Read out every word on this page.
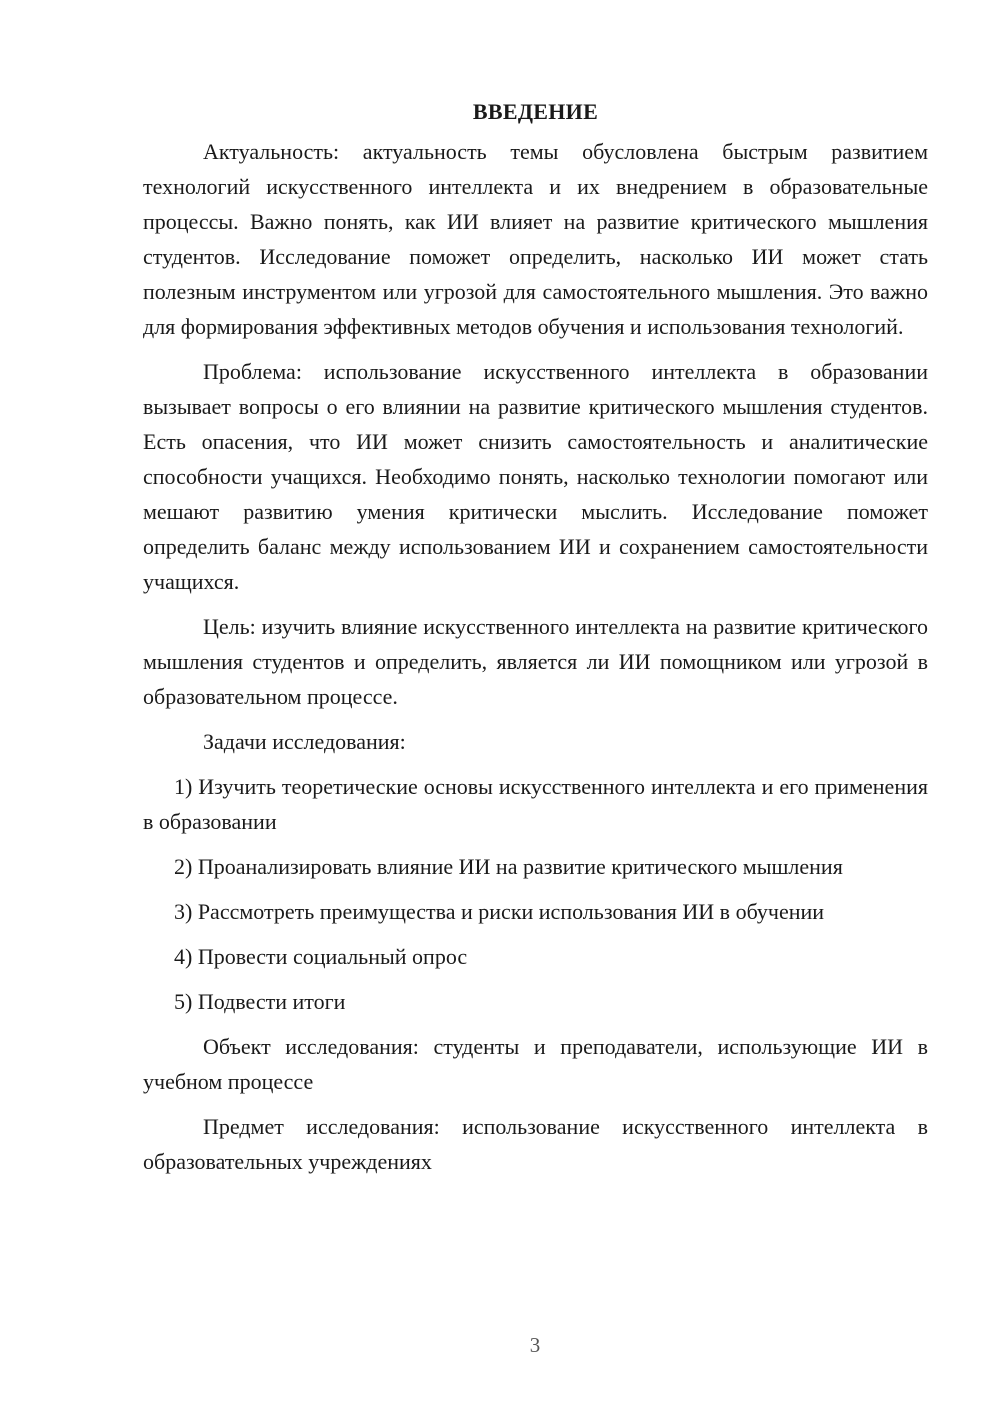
ВВЕДЕНИЕ

Актуальность: актуальность темы обусловлена быстрым развитием технологий искусственного интеллекта и их внедрением в образовательные процессы. Важно понять, как ИИ влияет на развитие критического мышления студентов. Исследование поможет определить, насколько ИИ может стать полезным инструментом или угрозой для самостоятельного мышления. Это важно для формирования эффективных методов обучения и использования технологий.

Проблема: использование искусственного интеллекта в образовании вызывает вопросы о его влиянии на развитие критического мышления студентов. Есть опасения, что ИИ может снизить самостоятельность и аналитические способности учащихся. Необходимо понять, насколько технологии помогают или мешают развитию умения критически мыслить. Исследование поможет определить баланс между использованием ИИ и сохранением самостоятельности учащихся.

Цель: изучить влияние искусственного интеллекта на развитие критического мышления студентов и определить, является ли ИИ помощником или угрозой в образовательном процессе.

Задачи исследования:

1) Изучить теоретические основы искусственного интеллекта и его применения в образовании

2) Проанализировать влияние ИИ на развитие критического мышления

3) Рассмотреть преимущества и риски использования ИИ в обучении

4) Провести социальный опрос

5) Подвести итоги

Объект исследования: студенты и преподаватели, использующие ИИ в учебном процессе

Предмет исследования: использование искусственного интеллекта в образовательных учреждениях

3
